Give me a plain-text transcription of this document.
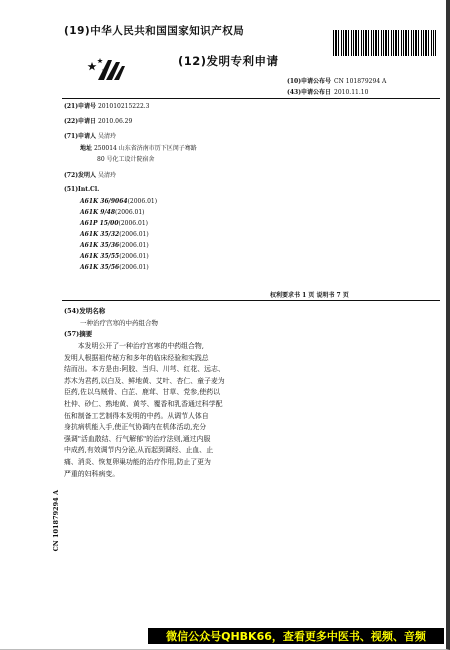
(19)中华人民共和国国家知识产权局
(12)发明专利申请
(10)申请公布号 CN 101879294 A
(43)申请公布日 2010.11.10
(21)申请号 201010215222.3
(22)申请日 2010.06.29
(71)申请人 吴清玲
地址 250014 山东省济南市历下区闵子骞路
80 号化工设计院宿舍
(72)发明人 吴清玲
(51)Int.Cl.
A61K 36/9064(2006.01)
A61K 9/48(2006.01)
A61P 15/00(2006.01)
A61K 35/32(2006.01)
A61K 35/36(2006.01)
A61K 35/55(2006.01)
A61K 35/56(2006.01)
权利要求书 1 页 说明书 7 页
(54)发明名称
一种治疗宫寒的中药组合物
(57)摘要
　　本发明公开了一种治疗宫寒的中药组合物,
发明人根据祖传秘方和多年的临床经验和实践总
结而出。本方是由:阿胶、当归、川芎、红花、远志、
苏木为君药,以白及、鲜地黄、艾叶、杏仁、童子麦为
臣药,佐以乌贼骨、白芷、鹿茸、甘草、党参,使药以
杜仲、砂仁、熟地黄、黄芩、覆香和乳香通过科学配
伍和制备工艺制得本发明的中药。从调节人体自
身抗病机能入手,使正气协调内在机体活动,充分
强调"活血散结、行气解郁"的治疗法则,通过内服
中成药,有效调节内分泌,从而起到调经、止血、止
痛、消炎、恢复卵巢功能的治疗作用,防止了更为
严重的妇科病变。
CN 101879294 A
微信公众号QHBK66，查看更多中医书、视频、音频
